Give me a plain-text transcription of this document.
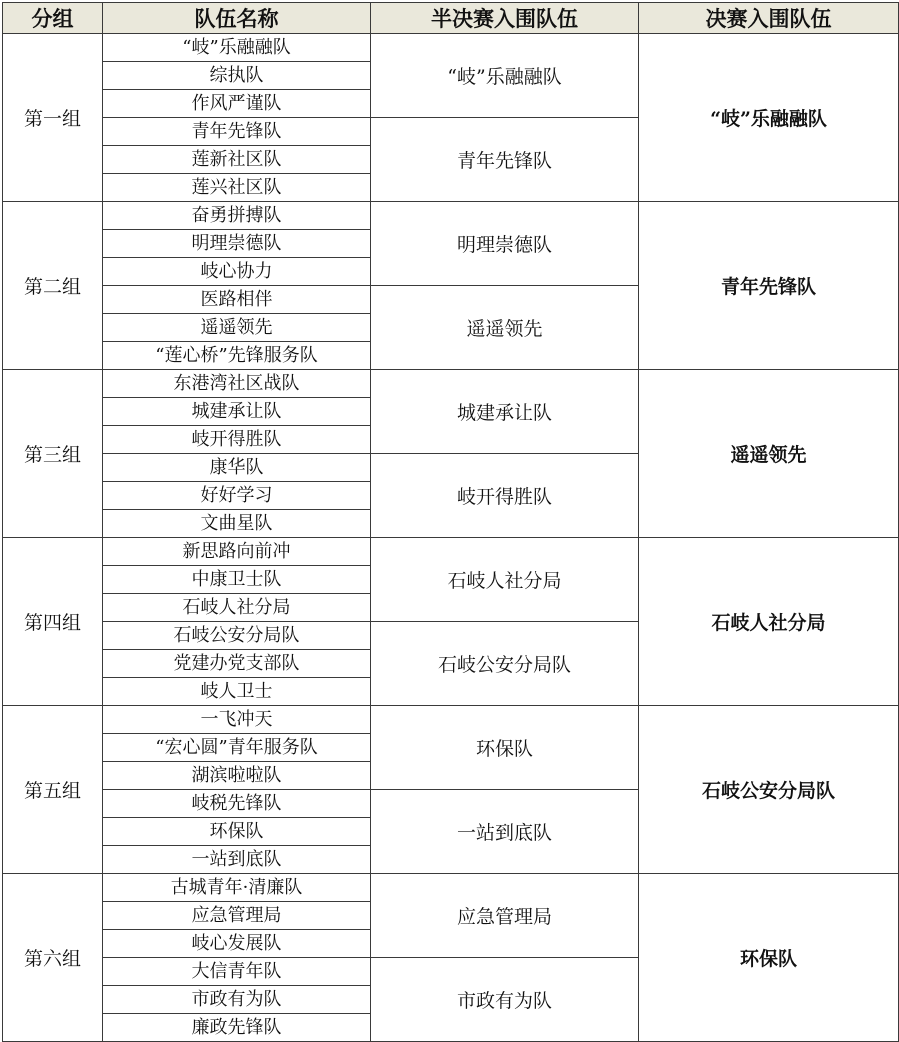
分组	队伍名称	半决赛入围队伍	决赛入围队伍
第一组	“岐”乐融融队	“岐”乐融融队	“岐”乐融融队
	综执队		
	作风严谨队		
	青年先锋队	青年先锋队	
	莲新社区队		
	莲兴社区队		
第二组	奋勇拼搏队	明理崇德队	青年先锋队
	明理崇德队		
	岐心协力		
	医路相伴	遥遥领先	
	遥遥领先		
	“莲心桥”先锋服务队		
第三组	东港湾社区战队	城建承让队	遥遥领先
	城建承让队		
	岐开得胜队		
	康华队	岐开得胜队	
	好好学习		
	文曲星队		
第四组	新思路向前冲	石岐人社分局	石岐人社分局
	中康卫士队		
	石岐人社分局		
	石岐公安分局队	石岐公安分局队	
	党建办党支部队		
	岐人卫士		
第五组	一飞冲天	环保队	石岐公安分局队
	“宏心圆”青年服务队		
	湖滨啦啦队		
	岐税先锋队	一站到底队	
	环保队		
	一站到底队		
第六组	古城青年·清廉队	应急管理局	环保队
	应急管理局		
	岐心发展队		
	大信青年队	市政有为队	
	市政有为队		
	廉政先锋队		
